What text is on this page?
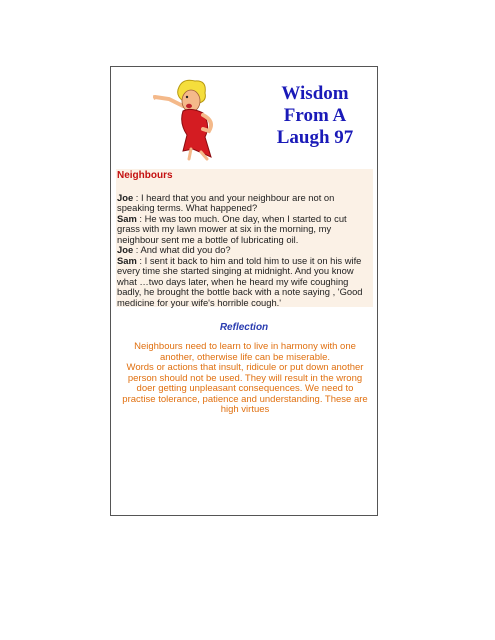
Wisdom
From A
Laugh 97
Neighbours

Joe : I heard that you and your neighbour are not on speaking terms. What happened?

Sam : He was too much. One day, when I started to cut grass with my lawn mower at six in the morning, my neighbour sent me a bottle of lubricating oil.

Joe : And what did you do?

Sam : I sent it back to him and told him to use it on his wife every time she started singing at midnight. And you know what …two days later, when he heard my wife coughing badly, he brought the bottle back with a note saying , 'Good medicine for your wife's horrible cough.'

Reflection

Neighbours need to learn to live in harmony with one another, otherwise life can be miserable.

Words or actions that insult, ridicule or put down another person should not be used. They will result in the wrong doer getting unpleasant consequences. We need to practise tolerance, patience and understanding. These are high virtues
